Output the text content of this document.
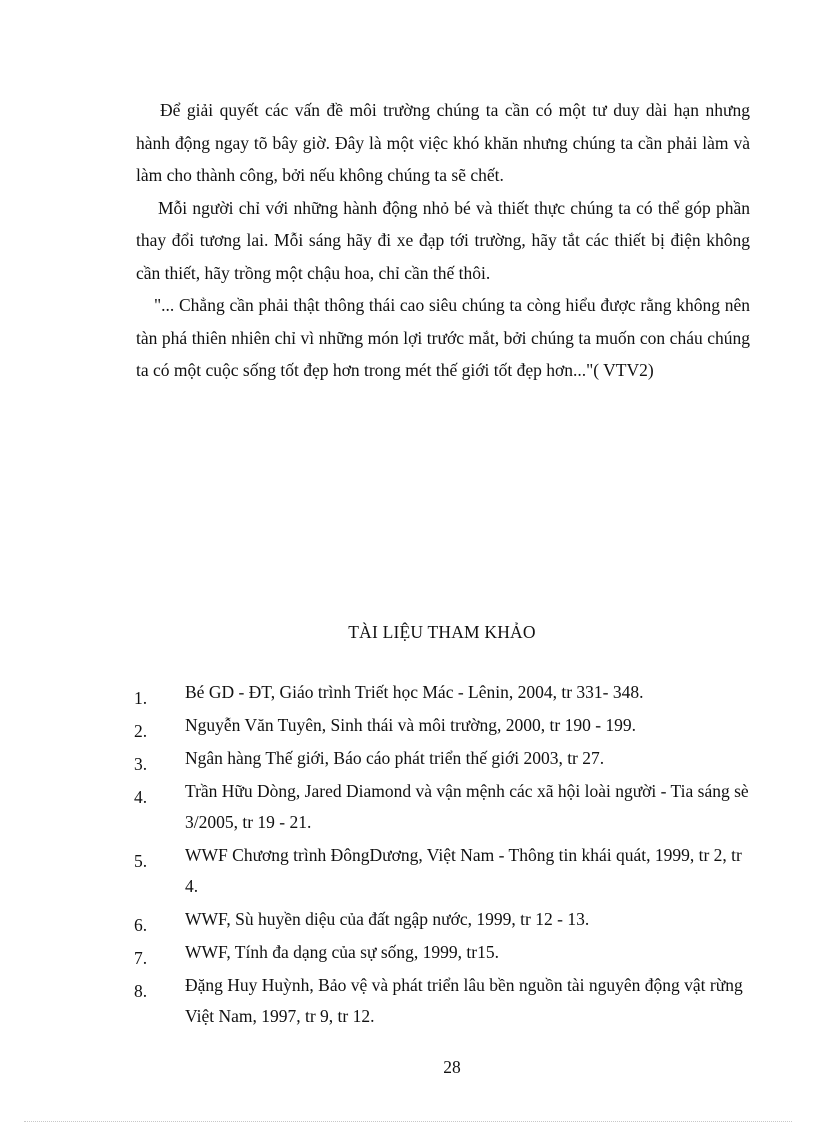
Để giải quyết các vấn đề môi trường chúng ta cần có một tư duy dài hạn nhưng hành động ngay tõ bây giờ. Đây là một việc khó khăn nhưng chúng ta cần phải làm và làm cho thành công, bởi nếu không chúng ta sẽ chết.

Mỗi người chỉ với những hành động nhỏ bé và thiết thực chúng ta có thể góp phần thay đổi tương lai. Mỗi sáng hãy đi xe đạp tới trường, hãy tắt các thiết bị điện không cần thiết, hãy trồng một chậu hoa, chỉ cần thế thôi.

"... Chẳng cần phải thật thông thái cao siêu chúng ta còng hiểu được rằng không nên tàn phá thiên nhiên chỉ vì những món lợi trước mắt, bởi chúng ta muốn con cháu chúng ta có một cuộc sống tốt đẹp hơn trong mét thế giới tốt đẹp hơn..."( VTV2)

TÀI LIỆU THAM KHẢO
1. Bé GD - ĐT, Giáo trình Triết học Mác - Lênin, 2004, tr 331- 348.
2. Nguyễn Văn Tuyên, Sinh thái và môi trường, 2000, tr 190 - 199.
3. Ngân hàng Thế giới, Báo cáo phát triển thế giới 2003, tr 27.
4. Trần Hữu Dòng, Jared Diamond và vận mệnh các xã hội loài người - Tia sáng sè 3/2005, tr 19 - 21.
5. WWF Chương trình ĐôngDương, Việt Nam - Thông tin khái quát, 1999, tr 2, tr 4.
6. WWF, Sù huyền diệu của đất ngập nước, 1999, tr 12 - 13.
7. WWF, Tính đa dạng của sự sống, 1999, tr15.
8. Đặng Huy Huỳnh, Bảo vệ và phát triển lâu bền nguồn tài nguyên động vật rừng Việt Nam, 1997, tr 9, tr 12.
28
